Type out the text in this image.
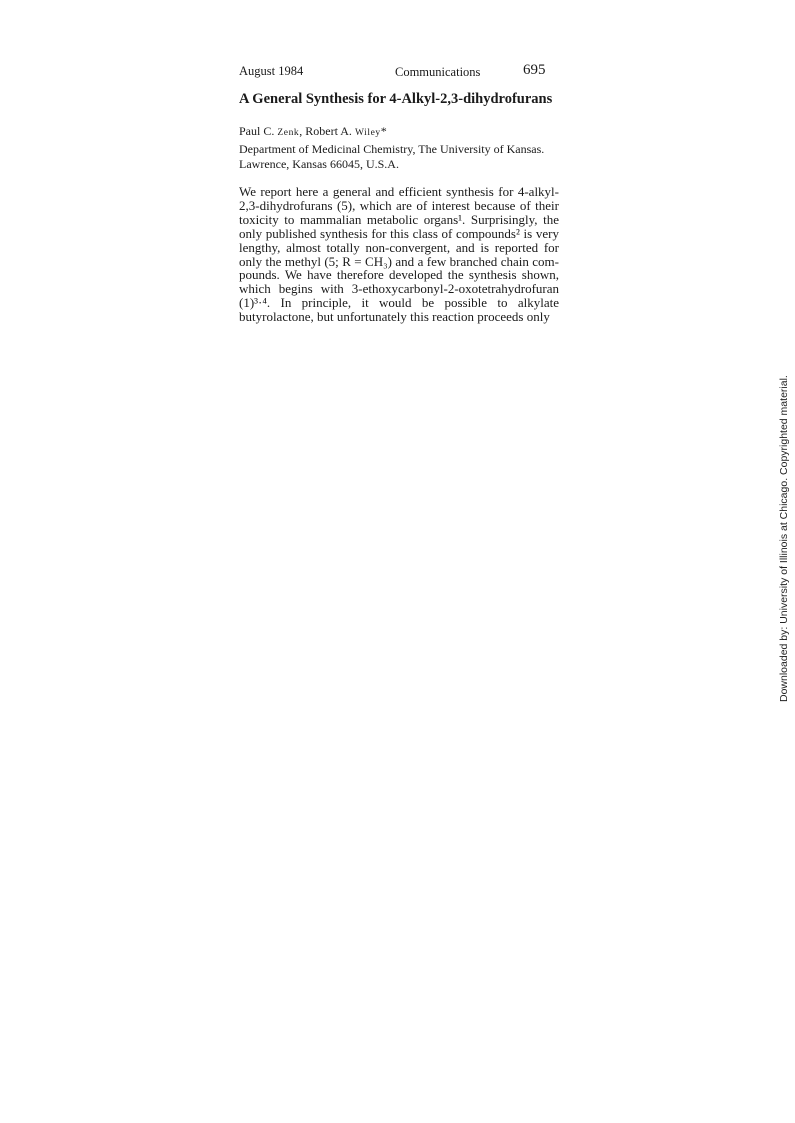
August 1984	Communications	695
A General Synthesis for 4-Alkyl-2,3-dihydrofurans
Paul C. Zenk, Robert A. Wiley*
Department of Medicinal Chemistry, The University of Kansas.
Lawrence, Kansas 66045, U.S.A.

We report here a general and efficient synthesis for 4-alkyl-
2,3-dihydrofurans (5), which are of interest because of their
toxicity to mammalian metabolic organs¹. Surprisingly, the
only published synthesis for this class of compounds² is very
lengthy, almost totally non-convergent, and is reported for
only the methyl (5; R = CH₃) and a few branched chain com-
pounds. We have therefore developed the synthesis shown,
which begins with 3-ethoxycarbonyl-2-oxotetrahydrofuran
(1)³·⁴. In principle, it would be possible to alkylate
butyrolactone, but unfortunately this reaction proceeds only

Downloaded by: University of Illinois at Chicago. Copyrighted material.
